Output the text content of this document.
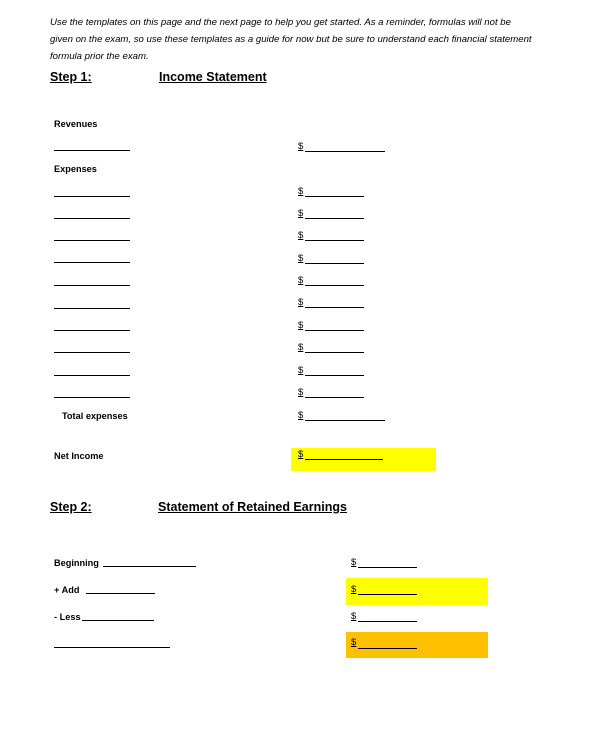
Use the templates on this page and the next page to help you get started. As a reminder, formulas will not be
given on the exam, so use these templates as a guide for now but be sure to understand each financial statement
formula prior the exam.
Step 1:	Income Statement
Revenues
$
Expenses
$
$
$
$
$
$
$
$
$
$
Total expenses	$
Net Income	$
Step 2:	Statement of Retained Earnings
Beginning	$
+ Add	$
- Less	$
$
